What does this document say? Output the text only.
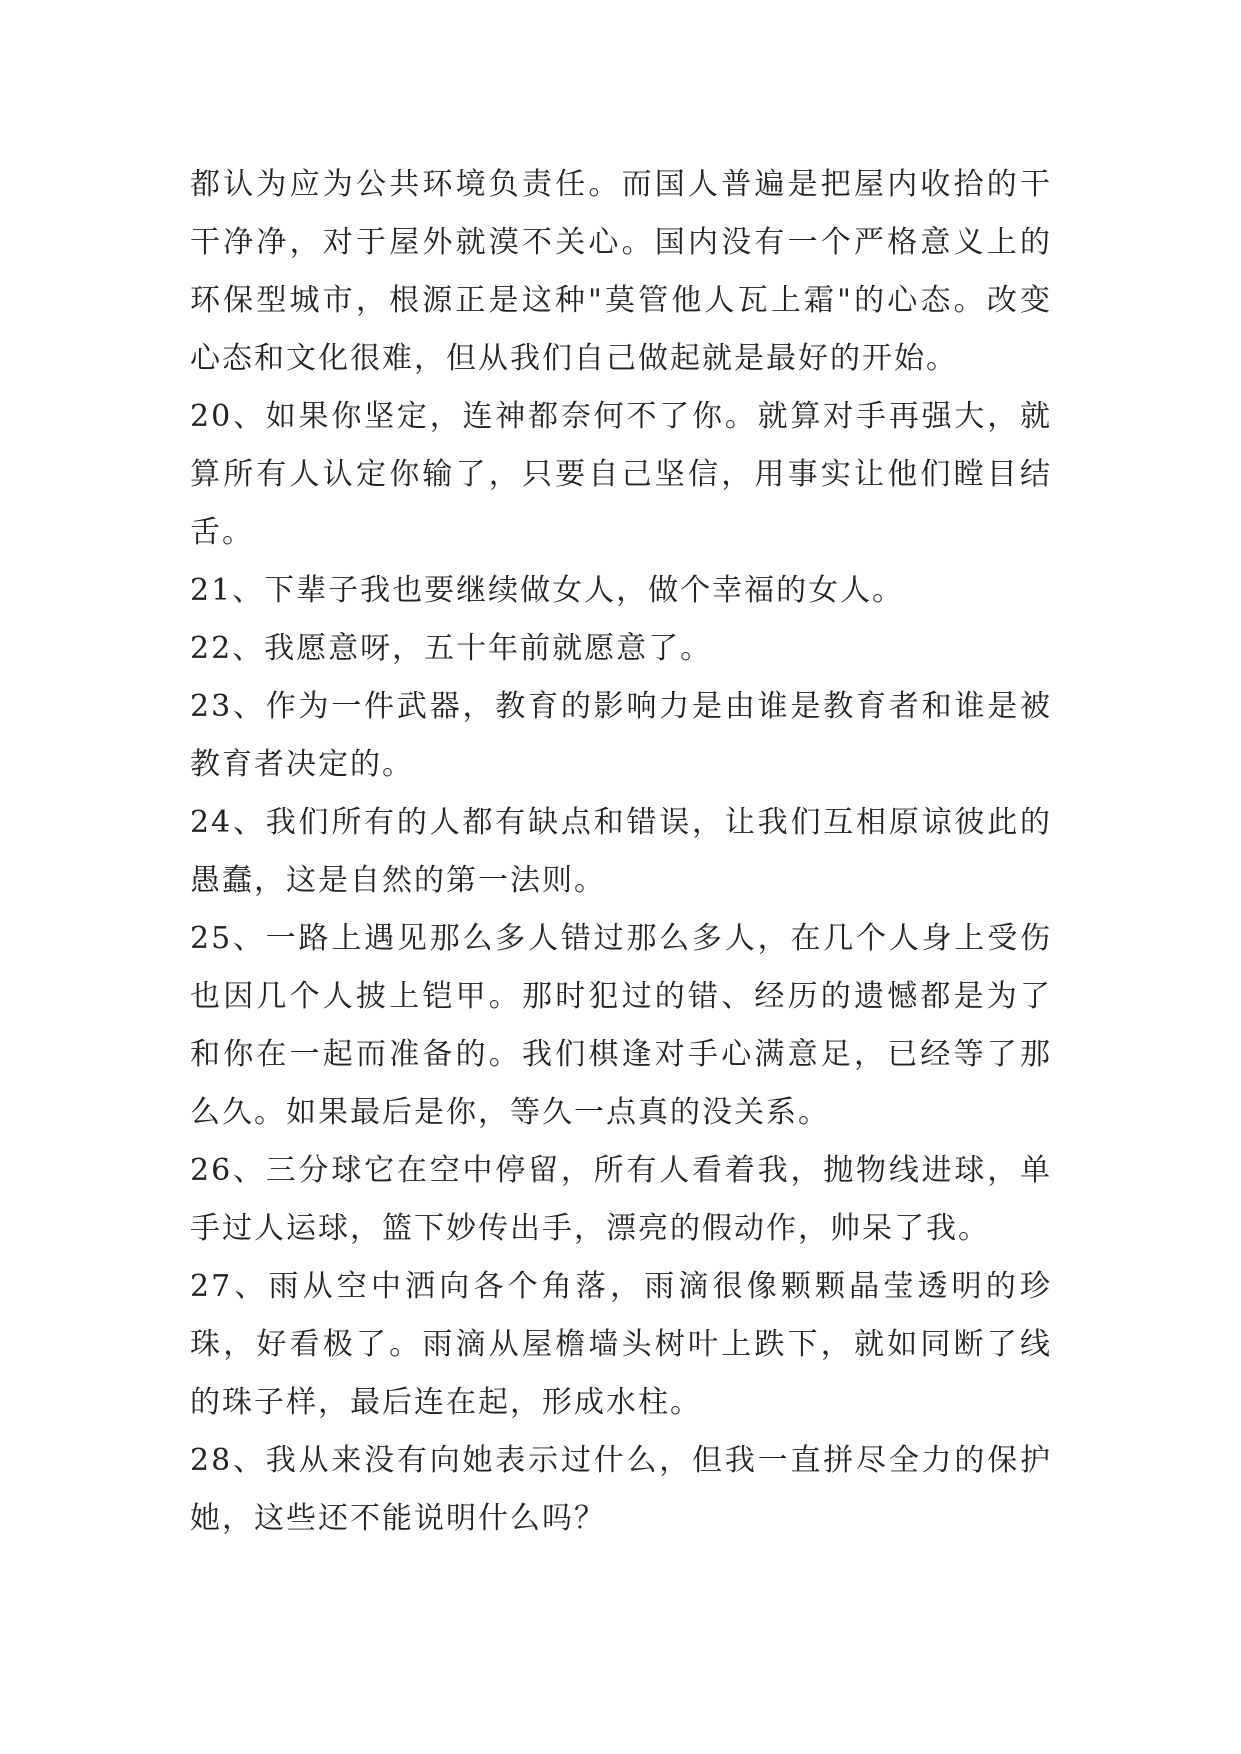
都认为应为公共环境负责任。而国人普遍是把屋内收拾的干干净净，对于屋外就漠不关心。国内没有一个严格意义上的环保型城市，根源正是这种"莫管他人瓦上霜"的心态。改变心态和文化很难，但从我们自己做起就是最好的开始。

20、如果你坚定，连神都奈何不了你。就算对手再强大，就算所有人认定你输了，只要自己坚信，用事实让他们瞠目结舌。

21、下辈子我也要继续做女人，做个幸福的女人。

22、我愿意呀，五十年前就愿意了。

23、作为一件武器，教育的影响力是由谁是教育者和谁是被教育者决定的。

24、我们所有的人都有缺点和错误，让我们互相原谅彼此的愚蠢，这是自然的第一法则。

25、一路上遇见那么多人错过那么多人，在几个人身上受伤也因几个人披上铠甲。那时犯过的错、经历的遗憾都是为了和你在一起而准备的。我们棋逢对手心满意足，已经等了那么久。如果最后是你，等久一点真的没关系。

26、三分球它在空中停留，所有人看着我，抛物线进球，单手过人运球，篮下妙传出手，漂亮的假动作，帅呆了我。

27、雨从空中洒向各个角落，雨滴很像颗颗晶莹透明的珍珠，好看极了。雨滴从屋檐墙头树叶上跌下，就如同断了线的珠子样，最后连在起，形成水柱。

28、我从来没有向她表示过什么，但我一直拼尽全力的保护她，这些还不能说明什么吗？
